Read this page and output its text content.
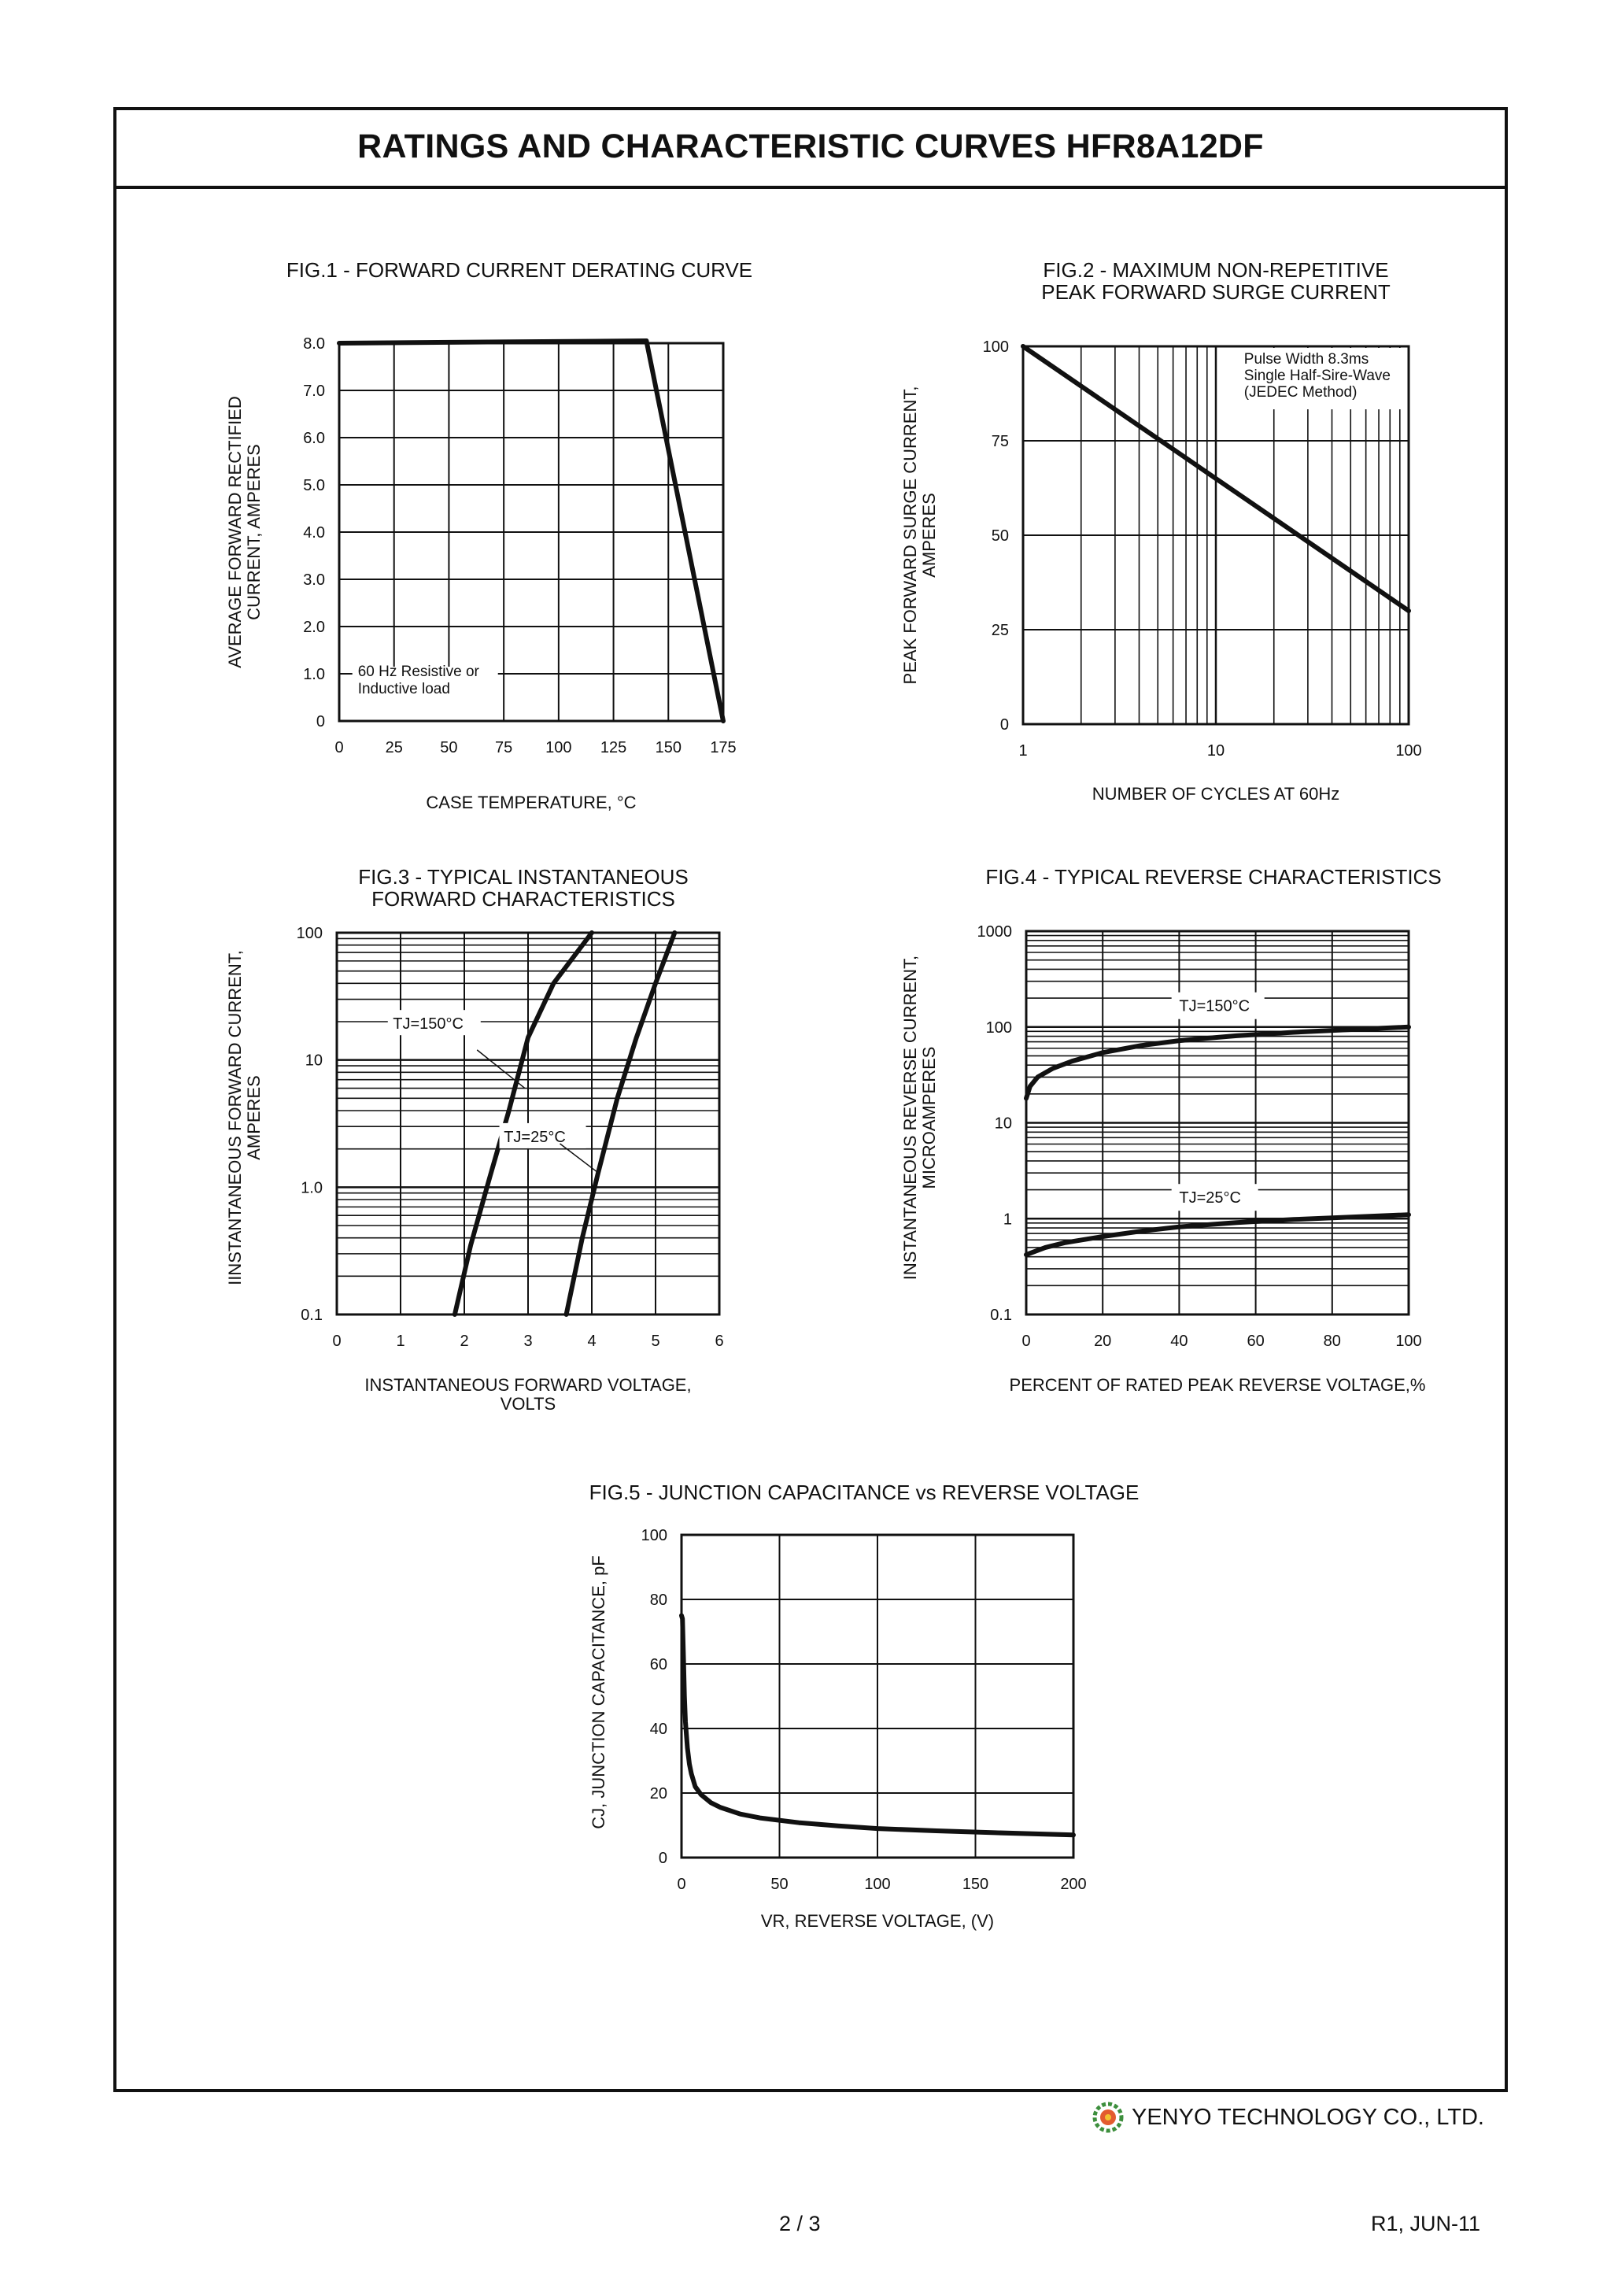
RATINGS AND CHARACTERISTIC CURVES HFR8A12DF
60 Hz Resistive or
Inductive load
0	25 50 75 100 125 150 175
0
1.0
2.0
3.0
4.0
5.0
6.0
7.0
8.0
FIG.1 - FORWARD CURRENT DERATING CURVE
CASE TEMPERATURE, °C
AVERAGE FORWARD RECTIFIED CURRENT, AMPERES
Pulse Width 8.3ms
Single Half-Sire-Wave
(JEDEC Method)
1	10	100
0
25
50
75
100
FIG.2 - MAXIMUM NON-REPETITIVE
PEAK FORWARD SURGE CURRENT
NUMBER OF CYCLES AT 60Hz
PEAK FORWARD SURGE CURRENT, AMPERES
TJ=150°C
TJ=25°C
0	1	2	3	4	5	6
0.1
1.0
10
100
FIG.3 - TYPICAL INSTANTANEOUS
FORWARD CHARACTERISTICS
INSTANTANEOUS FORWARD VOLTAGE,
VOLTS
IINSTANTANEOUS FORWARD CURRENT, AMPERES
TJ=150°C
TJ=25°C
0	20	40	60	80	100
0.1
1
10
100
1000
FIG.4 - TYPICAL REVERSE CHARACTERISTICS
PERCENT OF RATED PEAK REVERSE VOLTAGE,%
INSTANTANEOUS REVERSE CURRENT, MICROAMPERES
0	50	100	150	200
0
20
40
60
80
100
FIG.5 - JUNCTION CAPACITANCE vs REVERSE VOLTAGE
VR, REVERSE VOLTAGE, (V)
CJ, JUNCTION CAPACITANCE, pF
YENYO TECHNOLOGY CO., LTD.
2 / 3	R1, JUN-11
